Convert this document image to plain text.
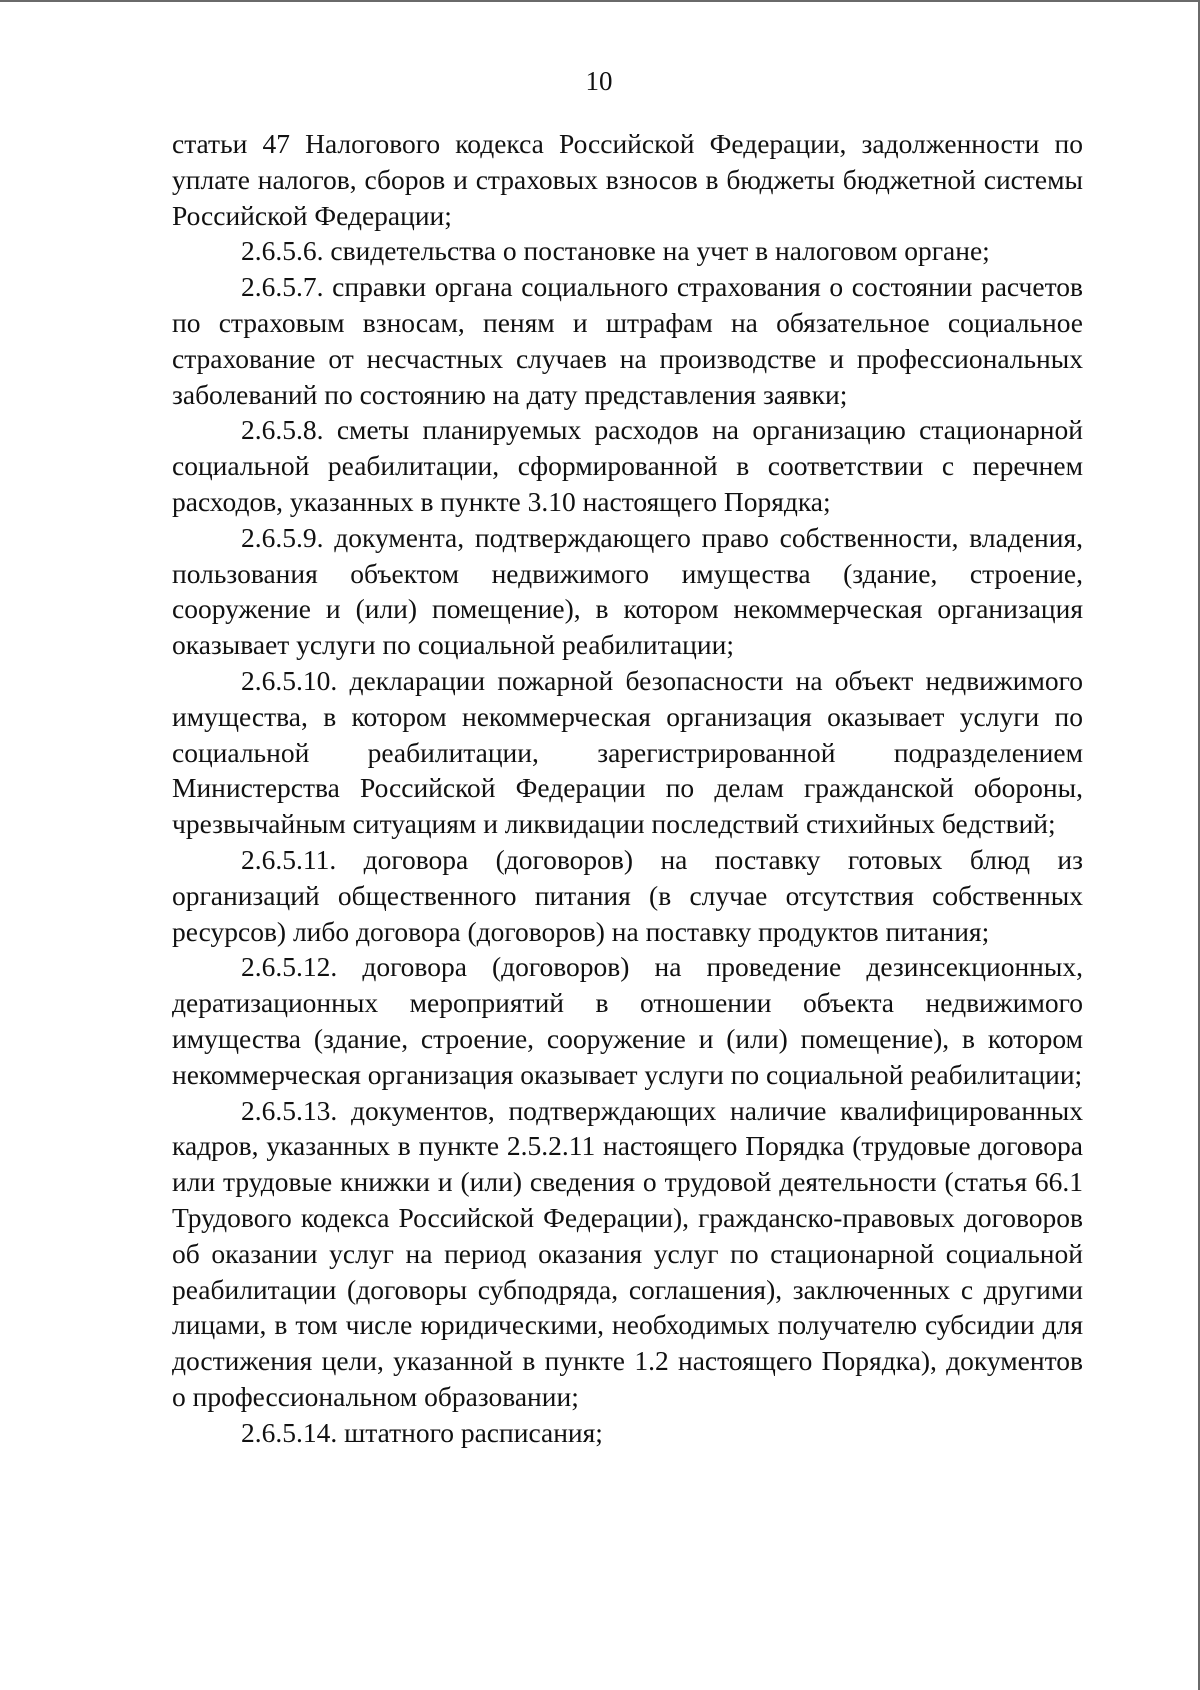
10

статьи 47 Налогового кодекса Российской Федерации, задолженности по уплате налогов, сборов и страховых взносов в бюджеты бюджетной системы Российской Федерации;

2.6.5.6. свидетельства о постановке на учет в налоговом органе;

2.6.5.7. справки органа социального страхования о состоянии расчетов по страховым взносам, пеням и штрафам на обязательное социальное страхование от несчастных случаев на производстве и профессиональных заболеваний по состоянию на дату представления заявки;

2.6.5.8. сметы планируемых расходов на организацию стационарной социальной реабилитации, сформированной в соответствии с перечнем расходов, указанных в пункте 3.10 настоящего Порядка;

2.6.5.9. документа, подтверждающего право собственности, владения, пользования объектом недвижимого имущества (здание, строение, сооружение и (или) помещение), в котором некоммерческая организация оказывает услуги по социальной реабилитации;

2.6.5.10. декларации пожарной безопасности на объект недвижимого имущества, в котором некоммерческая организация оказывает услуги по социальной реабилитации, зарегистрированной подразделением Министерства Российской Федерации по делам гражданской обороны, чрезвычайным ситуациям и ликвидации последствий стихийных бедствий;

2.6.5.11. договора (договоров) на поставку готовых блюд из организаций общественного питания (в случае отсутствия собственных ресурсов) либо договора (договоров) на поставку продуктов питания;

2.6.5.12. договора (договоров) на проведение дезинсекционных, дератизационных мероприятий в отношении объекта недвижимого имущества (здание, строение, сооружение и (или) помещение), в котором некоммерческая организация оказывает услуги по социальной реабилитации;

2.6.5.13. документов, подтверждающих наличие квалифицированных кадров, указанных в пункте 2.5.2.11 настоящего Порядка (трудовые договора или трудовые книжки и (или) сведения о трудовой деятельности (статья 66.1 Трудового кодекса Российской Федерации), гражданско-правовых договоров об оказании услуг на период оказания услуг по стационарной социальной реабилитации (договоры субподряда, соглашения), заключенных с другими лицами, в том числе юридическими, необходимых получателю субсидии для достижения цели, указанной в пункте 1.2 настоящего Порядка), документов о профессиональном образовании;

2.6.5.14. штатного расписания;
